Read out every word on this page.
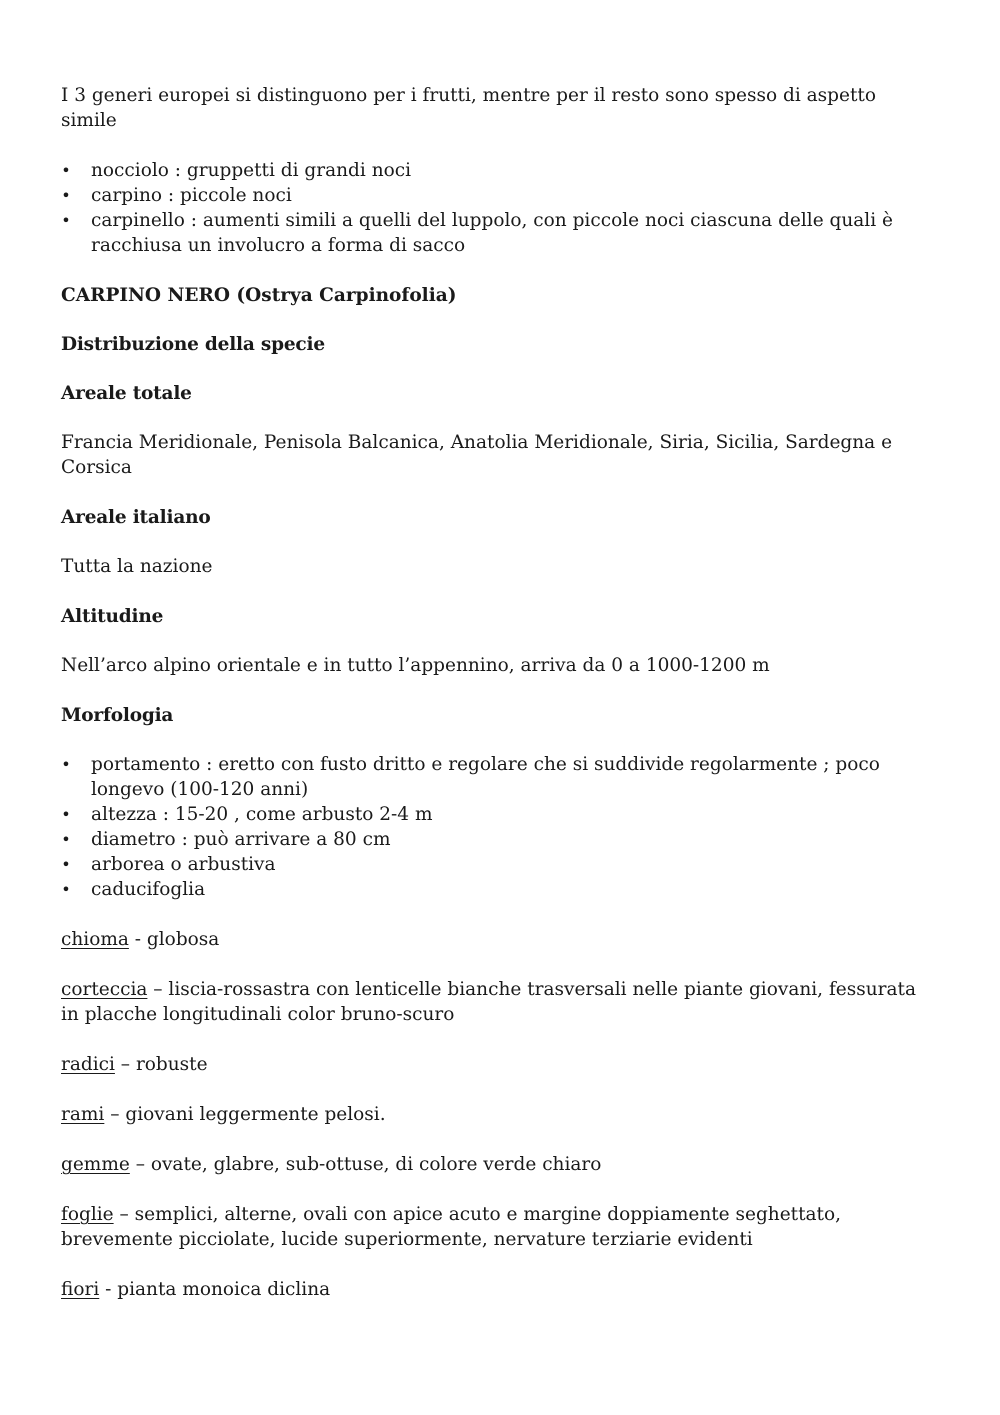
I 3 generi europei si distinguono per i frutti, mentre per il resto sono spesso di aspetto simile

• nocciolo : gruppetti di grandi noci
• carpino : piccole noci
• carpinello : aumenti simili a quelli del luppolo, con piccole noci ciascuna delle quali è racchiusa un involucro a forma di sacco

CARPINO NERO (Ostrya Carpinofolia)

Distribuzione della specie

Areale totale

Francia Meridionale, Penisola Balcanica, Anatolia Meridionale, Siria, Sicilia, Sardegna e Corsica

Areale italiano

Tutta la nazione

Altitudine

Nell’arco alpino orientale e in tutto l’appennino, arriva da 0 a 1000-1200 m

Morfologia

• portamento : eretto con fusto dritto e regolare che si suddivide regolarmente ; poco longevo (100-120 anni)
• altezza : 15-20 , come arbusto 2-4 m
• diametro : può arrivare a 80 cm
• arborea o arbustiva
• caducifoglia

chioma - globosa

corteccia – liscia-rossastra con lenticelle bianche trasversali nelle piante giovani, fessurata in placche longitudinali color bruno-scuro

radici – robuste

rami – giovani leggermente pelosi.

gemme – ovate, glabre, sub-ottuse, di colore verde chiaro

foglie – semplici, alterne, ovali con apice acuto e margine doppiamente seghettato, brevemente picciolate, lucide superiormente, nervature terziarie evidenti

fiori - pianta monoica diclina
